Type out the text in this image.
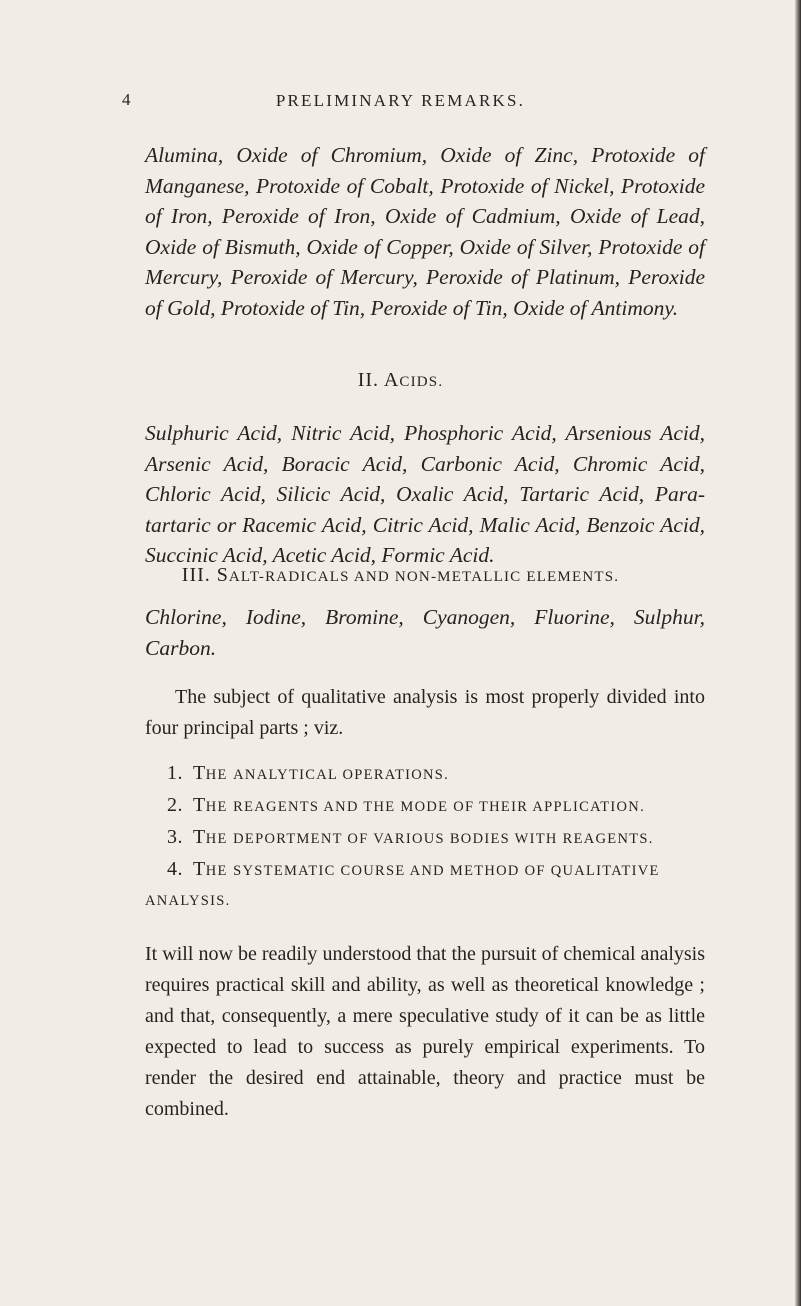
4	PRELIMINARY REMARKS.
Alumina, Oxide of Chromium, Oxide of Zinc, Protoxide of Manganese, Protoxide of Cobalt, Protoxide of Nickel, Protoxide of Iron, Peroxide of Iron, Oxide of Cadmium, Oxide of Lead, Oxide of Bismuth, Oxide of Copper, Oxide of Silver, Protoxide of Mercury, Peroxide of Mercury, Peroxide of Platinum, Peroxide of Gold, Protoxide of Tin, Peroxide of Tin, Oxide of Antimony.
II. ACIDS.
Sulphuric Acid, Nitric Acid, Phosphoric Acid, Arsenious Acid, Arsenic Acid, Boracic Acid, Carbonic Acid, Chromic Acid, Chloric Acid, Silicic Acid, Oxalic Acid, Tartaric Acid, Para-tartaric or Racemic Acid, Citric Acid, Malic Acid, Benzoic Acid, Succinic Acid, Acetic Acid, Formic Acid.
III. SALT-RADICALS AND NON-METALLIC ELEMENTS.
Chlorine, Iodine, Bromine, Cyanogen, Fluorine, Sulphur, Carbon.
The subject of qualitative analysis is most properly divided into four principal parts ; viz.
1. THE ANALYTICAL OPERATIONS.
2. THE REAGENTS AND THE MODE OF THEIR APPLICATION.
3. THE DEPORTMENT OF VARIOUS BODIES WITH REAGENTS.
4. THE SYSTEMATIC COURSE AND METHOD OF QUALITATIVE
ANALYSIS.
It will now be readily understood that the pursuit of chemical analysis requires practical skill and ability, as well as theoretical knowledge ; and that, consequently, a mere speculative study of it can be as little expected to lead to success as purely empirical experiments. To render the desired end attainable, theory and practice must be combined.
